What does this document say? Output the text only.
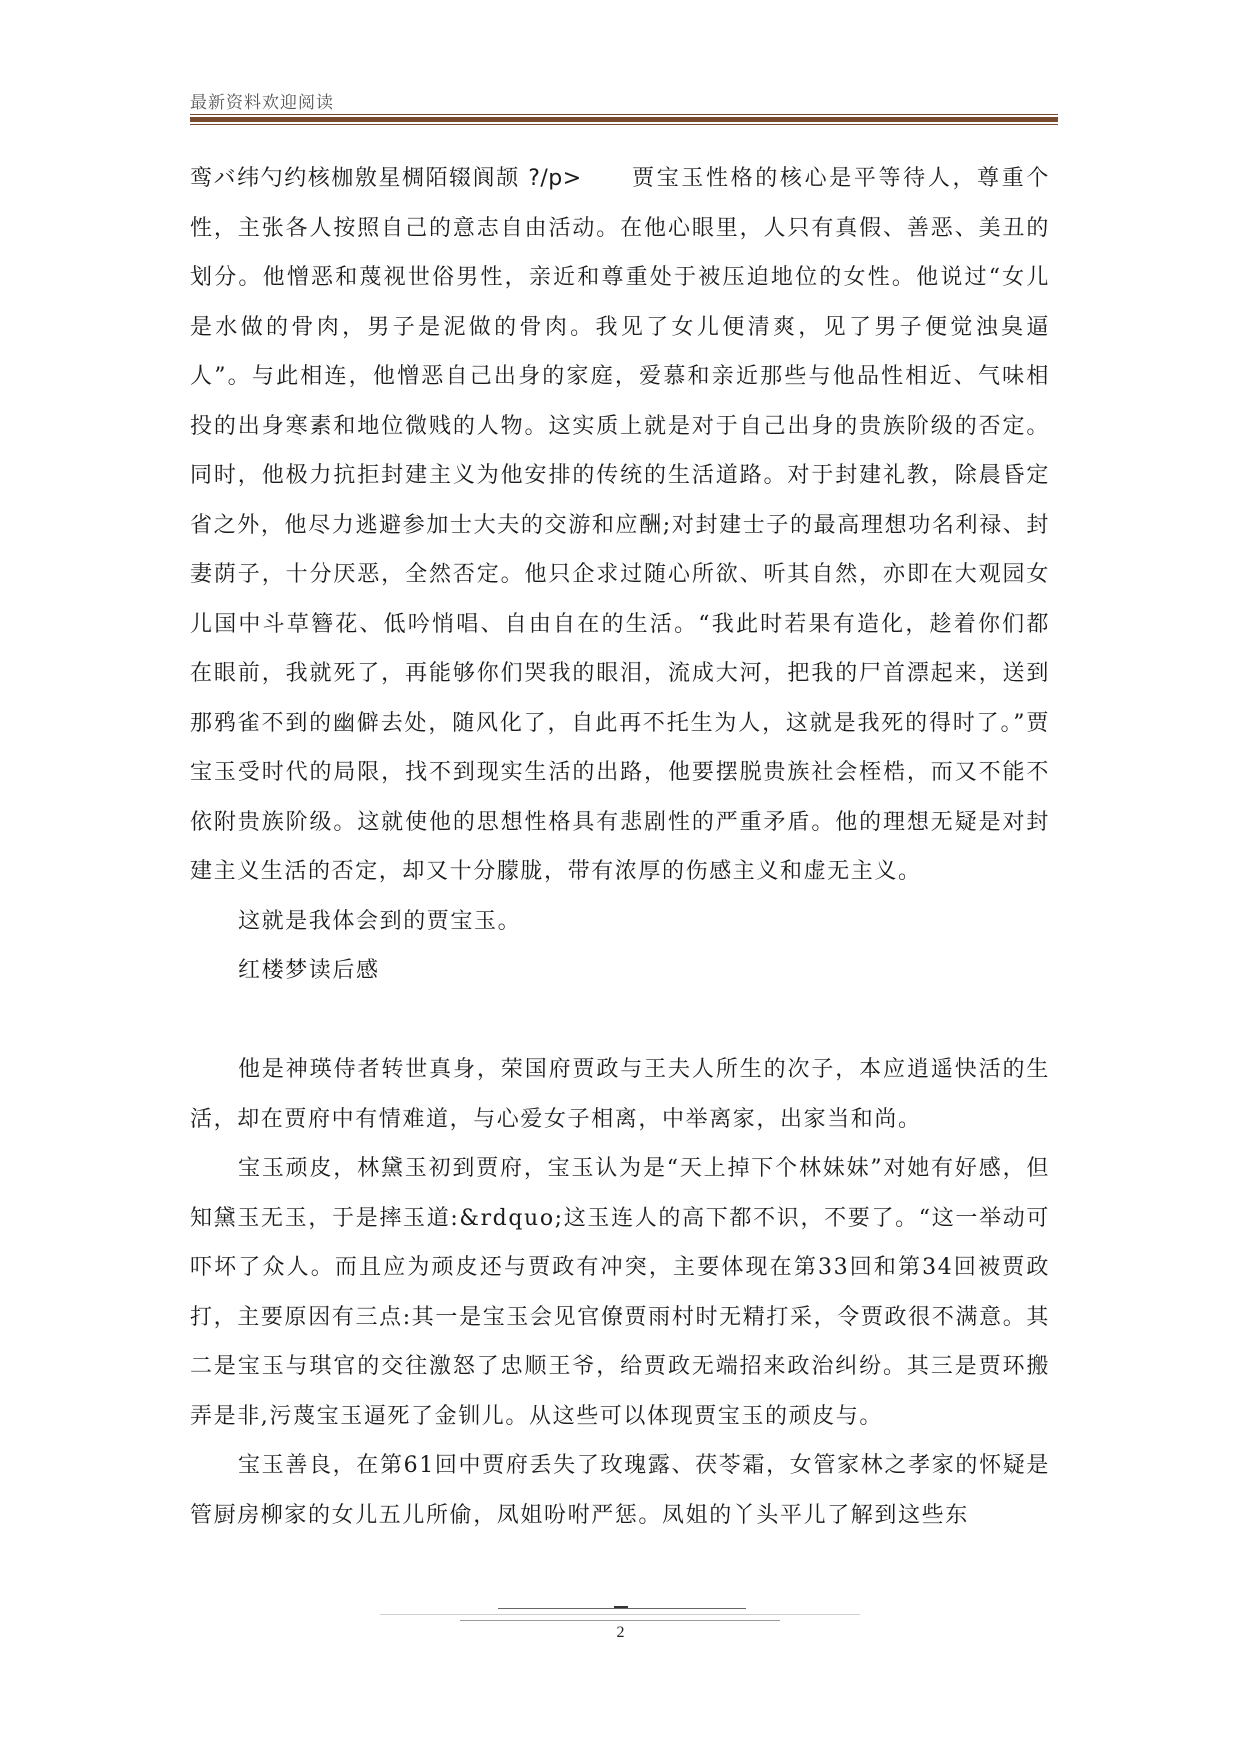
最新资料欢迎阅读

鸾バ纬勺约核枷敫星椆陌辍阆颉 ?/p>　　 贾宝玉性格的核心是平等待人，尊重个性，主张各人按照自己的意志自由活动。在他心眼里，人只有真假、善恶、美丑的划分。他憎恶和蔑视世俗男性，亲近和尊重处于被压迫地位的女性。他说过“女儿是水做的骨肉，男子是泥做的骨肉。我见了女儿便清爽，见了男子便觉浊臭逼人”。与此相连，他憎恶自己出身的家庭，爱慕和亲近那些与他品性相近、气味相投的出身寒素和地位微贱的人物。这实质上就是对于自己出身的贵族阶级的否定。同时，他极力抗拒封建主义为他安排的传统的生活道路。对于封建礼教，除晨昏定省之外，他尽力逃避参加士大夫的交游和应酬;对封建士子的最高理想功名利禄、封妻荫子，十分厌恶，全然否定。他只企求过随心所欲、听其自然，亦即在大观园女儿国中斗草簪花、低吟悄唱、自由自在的生活。“我此时若果有造化，趁着你们都在眼前，我就死了，再能够你们哭我的眼泪，流成大河，把我的尸首漂起来，送到那鸦雀不到的幽僻去处，随风化了，自此再不托生为人，这就是我死的得时了。”贾宝玉受时代的局限，找不到现实生活的出路，他要摆脱贵族社会桎梏，而又不能不依附贵族阶级。这就使他的思想性格具有悲剧性的严重矛盾。他的理想无疑是对封建主义生活的否定，却又十分朦胧，带有浓厚的伤感主义和虚无主义。

这就是我体会到的贾宝玉。

红楼梦读后感

他是神瑛侍者转世真身，荣国府贾政与王夫人所生的次子，本应逍遥快活的生活，却在贾府中有情难道，与心爱女子相离，中举离家，出家当和尚。

宝玉顽皮，林黛玉初到贾府，宝玉认为是“天上掉下个林妹妹”对她有好感，但知黛玉无玉，于是摔玉道:&rdquo;这玉连人的高下都不识，不要了。“这一举动可吓坏了众人。而且应为顽皮还与贾政有冲突，主要体现在第33回和第34回被贾政打，主要原因有三点:其一是宝玉会见官僚贾雨村时无精打采，令贾政很不满意。其二是宝玉与琪官的交往激怒了忠顺王爷，给贾政无端招来政治纠纷。其三是贾环搬弄是非,污蔑宝玉逼死了金钏儿。从这些可以体现贾宝玉的顽皮与。

宝玉善良，在第61回中贾府丢失了玫瑰露、茯苓霜，女管家林之孝家的怀疑是管厨房柳家的女儿五儿所偷，凤姐吩咐严惩。凤姐的丫头平儿了解到这些东

2
